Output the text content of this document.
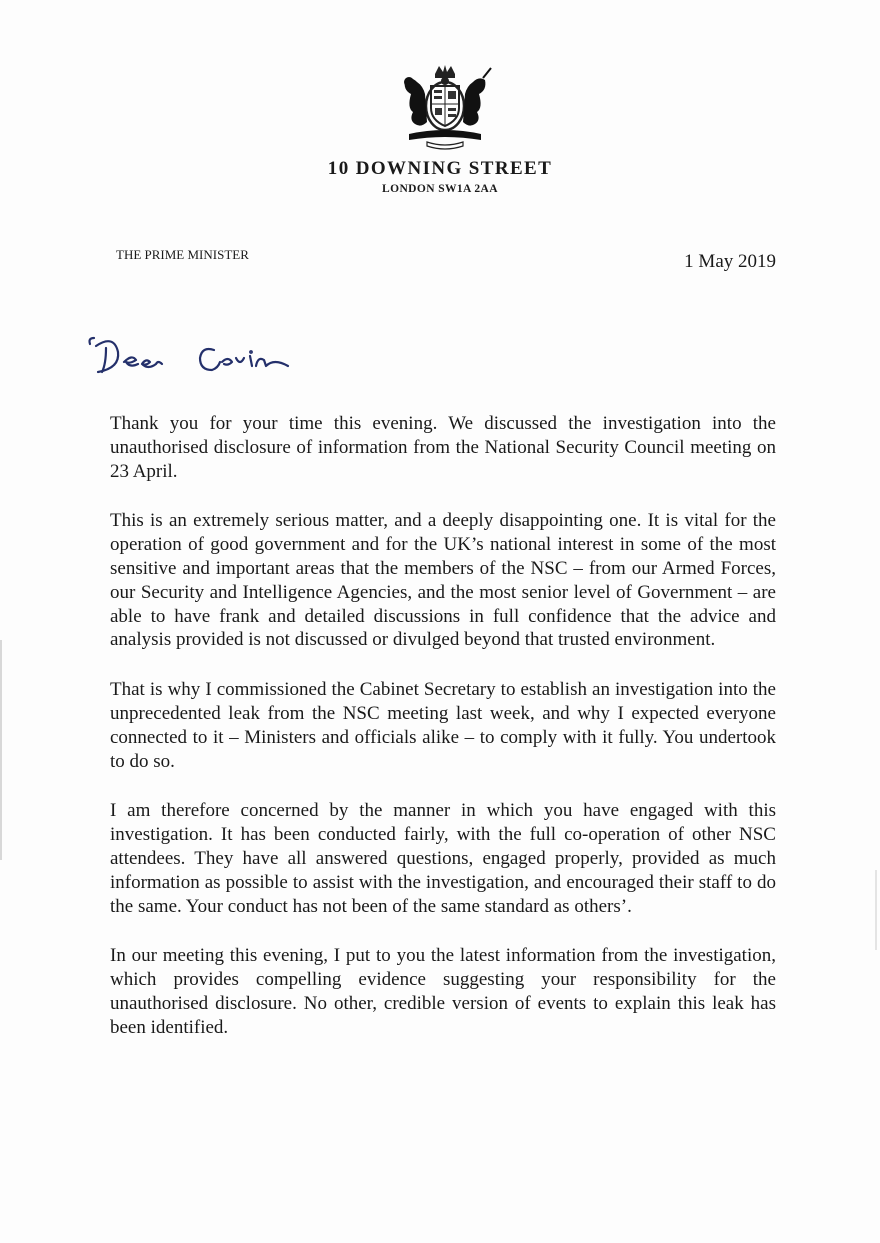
10 DOWNING STREET
LONDON SW1A 2AA
THE PRIME MINISTER	1 May 2019

Thank you for your time this evening. We discussed the investigation into the unauthorised disclosure of information from the National Security Council meeting on 23 April.

This is an extremely serious matter, and a deeply disappointing one. It is vital for the operation of good government and for the UK’s national interest in some of the most sensitive and important areas that the members of the NSC – from our Armed Forces, our Security and Intelligence Agencies, and the most senior level of Government – are able to have frank and detailed discussions in full confidence that the advice and analysis provided is not discussed or divulged beyond that trusted environment.

That is why I commissioned the Cabinet Secretary to establish an investigation into the unprecedented leak from the NSC meeting last week, and why I expected everyone connected to it – Ministers and officials alike – to comply with it fully. You undertook to do so.

I am therefore concerned by the manner in which you have engaged with this investigation. It has been conducted fairly, with the full co-operation of other NSC attendees. They have all answered questions, engaged properly, provided as much information as possible to assist with the investigation, and encouraged their staff to do the same. Your conduct has not been of the same standard as others’.

In our meeting this evening, I put to you the latest information from the investigation, which provides compelling evidence suggesting your responsibility for the unauthorised disclosure. No other, credible version of events to explain this leak has been identified.
